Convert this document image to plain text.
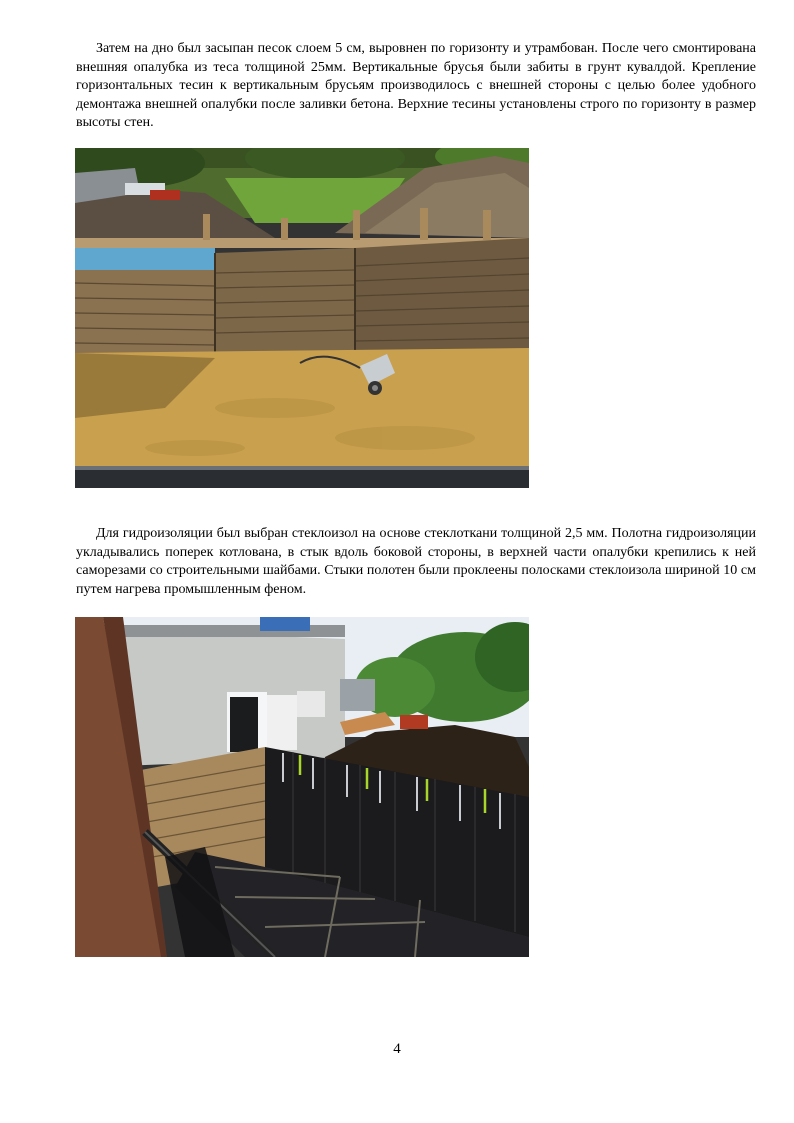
Затем на дно был засыпан песок слоем 5 см, выровнен по горизонту и утрамбован. После чего смонтирована внешняя опалубка из теса толщиной 25мм. Вертикальные брусья были забиты в грунт кувалдой. Крепление горизонтальных тесин к вертикальным брусьям производилось с внешней стороны с целью более удобного демонтажа внешней опалубки после заливки бетона. Верхние тесины установлены строго по горизонту в размер высоты стен.

Для гидроизоляции был выбран стеклоизол на основе стеклоткани толщиной 2,5 мм. Полотна гидроизоляции укладывались поперек котлована, в стык вдоль боковой стороны, в верхней части опалубки крепились к ней саморезами со строительными шайбами. Стыки полотен были проклеены полосками стеклоизола шириной 10 см путем нагрева промышленным феном.

4
